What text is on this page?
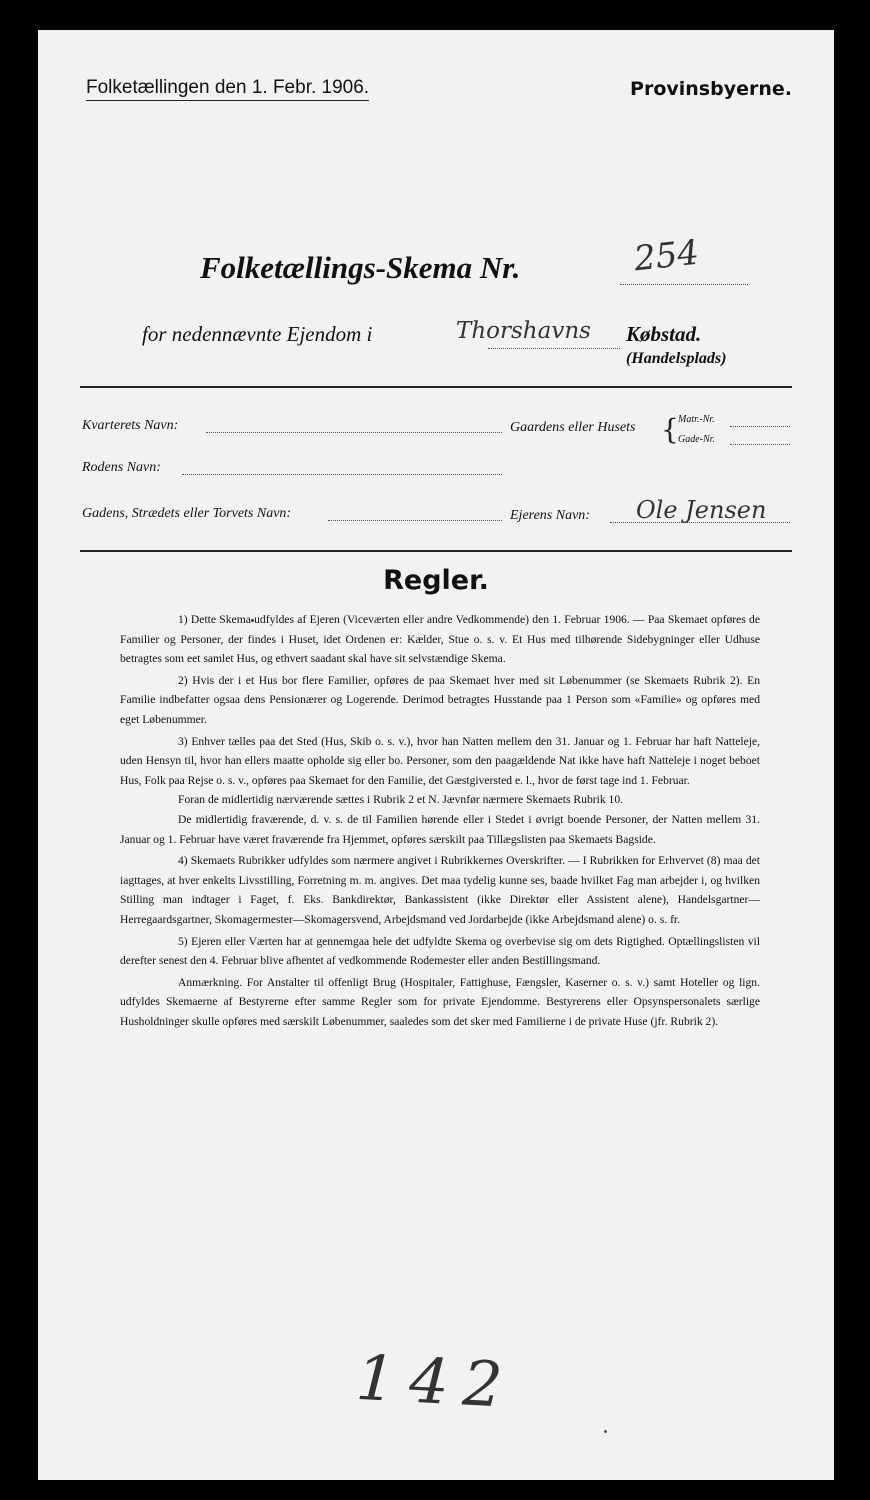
Folketællingen den 1. Febr. 1906.	Provinsbyerne.
Folketællings-Skema Nr.	254
for nedennævnte Ejendom i	Thorshavns Købstad.
(Handelsplads)
Kvarterets Navn:	Gaardens eller Husets { Matr.-Nr.
Gade-Nr.
Rodens Navn:
Gadens, Strædets eller Torvets Navn:	Ejerens Navn: Ole Jensen
Regler.

1) Dette Skema udfyldes af Ejeren (Viceværten eller andre Vedkommende) den 1. Februar 1906. — Paa Skemaet opføres de Familier og Personer, der findes i Huset, idet Ordenen er: Kælder, Stue o. s. v. Et Hus med tilhørende Sidebygninger eller Udhuse betragtes som eet samlet Hus, og ethvert saadant skal have sit selvstændige Skema.

2) Hvis der i et Hus bor flere Familier, opføres de paa Skemaet hver med sit Løbenummer (se Skemaets Rubrik 2). En Familie indbefatter ogsaa dens Pensionærer og Logerende. Derimod betragtes Husstande paa 1 Person som «Familie» og opføres med eget Løbenummer.

3) Enhver tælles paa det Sted (Hus, Skib o. s. v.), hvor han Natten mellem den 31. Januar og 1. Februar har haft Natteleje, uden Hensyn til, hvor han ellers maatte opholde sig eller bo. Personer, som den paagældende Nat ikke have haft Natteleje i noget beboet Hus, Folk paa Rejse o. s. v., opføres paa Skemaet for den Familie, det Gæstgiversted e. l., hvor de først tage ind 1. Februar.

Foran de midlertidig nærværende sættes i Rubrik 2 et N. Jævnfør nærmere Skemaets Rubrik 10.

De midlertidig fraværende, d. v. s. de til Familien hørende eller i Stedet i øvrigt boende Personer, der Natten mellem 31. Januar og 1. Februar have været fraværende fra Hjemmet, opføres særskilt paa Tillægslisten paa Skemaets Bagside.

4) Skemaets Rubrikker udfyldes som nærmere angivet i Rubrikkernes Overskrifter. — I Rubrikken for Erhvervet (8) maa det iagttages, at hver enkelts Livsstilling, Forretning m. m. angives. Det maa tydelig kunne ses, baade hvilket Fag man arbejder i, og hvilken Stilling man indtager i Faget, f. Eks. Bankdirektør, Bankassistent (ikke Direktør eller Assistent alene), Handelsgartner—Herregaardsgartner, Skomagermester—Skomagersvend, Arbejdsmand ved Jordarbejde (ikke Arbejdsmand alene) o. s. fr.

5) Ejeren eller Værten har at gennemgaa hele det udfyldte Skema og overbevise sig om dets Rigtighed. Optællingslisten vil derefter senest den 4. Februar blive afhentet af vedkommende Rodemester eller anden Bestillingsmand.

Anmærkning. For Anstalter til offenligt Brug (Hospitaler, Fattighuse, Fængsler, Kaserner o. s. v.) samt Hoteller og lign. udfyldes Skemaerne af Bestyrerne efter samme Regler som for private Ejendomme. Bestyrerens eller Opsynspersonalets særlige Husholdninger skulle opføres med særskilt Løbenummer, saaledes som det sker med Familierne i de private Huse (jfr. Rubrik 2).

142
